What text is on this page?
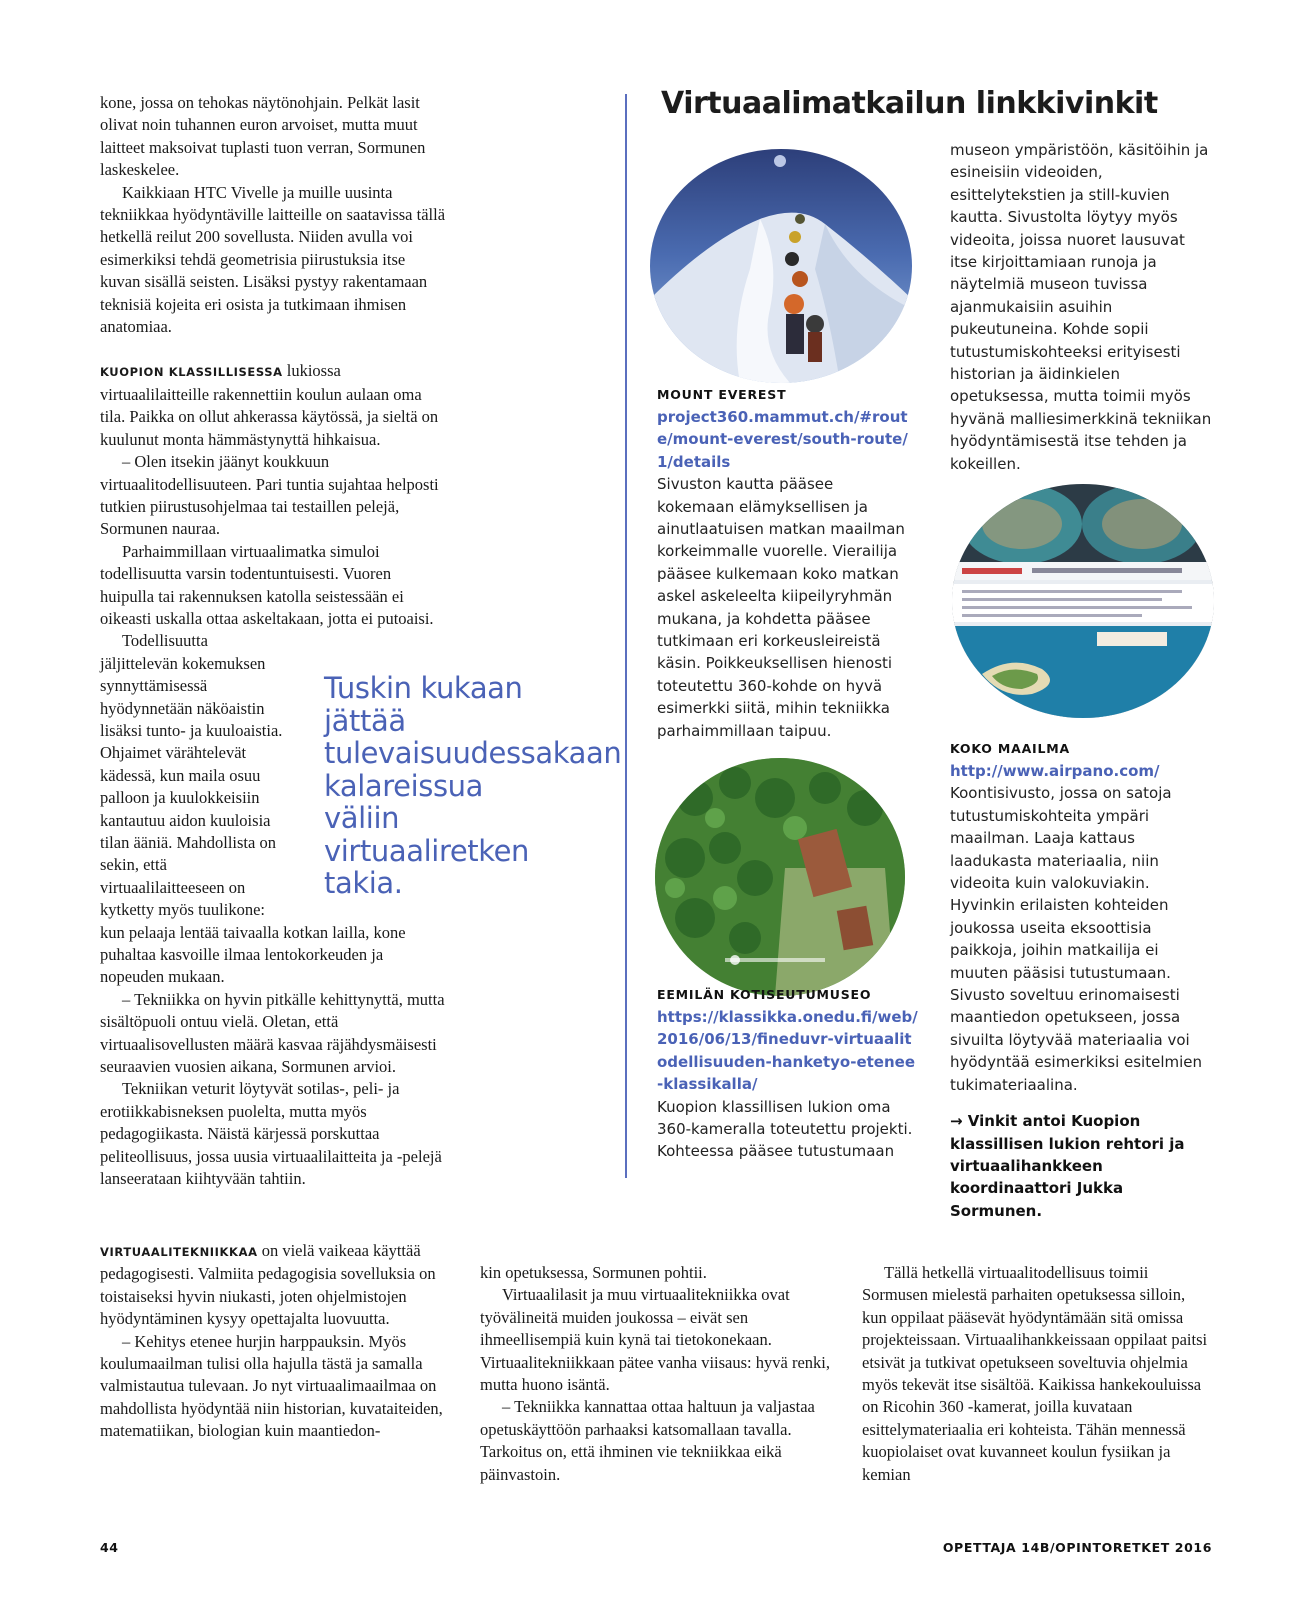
kone, jossa on tehokas näytönohjain. Pelkät lasit olivat noin tuhannen euron arvoiset, mutta muut laitteet maksoivat tuplasti tuon verran, Sormunen laskeskelee.

Kaikkiaan HTC Vivelle ja muille uusinta tekniikkaa hyödyntäville laitteille on saatavissa tällä hetkellä reilut 200 sovellusta. Niiden avulla voi esimerkiksi tehdä geometrisia piirustuksia itse kuvan sisällä seisten. Lisäksi pystyy rakentamaan teknisiä kojeita eri osista ja tutkimaan ihmisen anatomiaa.

KUOPION KLASSILLISESSA lukiossa virtuaalilaitteille rakennettiin koulun aulaan oma tila. Paikka on ollut ahkerassa käytössä, ja sieltä on kuulunut monta hämmästynyttä hihkaisua.

– Olen itsekin jäänyt koukkuun virtuaalitodellisuuteen. Pari tuntia sujahtaa helposti tutkien piirustusohjelmaa tai testaillen pelejä, Sormunen nauraa.

Parhaimmillaan virtuaalimatka simuloi todellisuutta varsin todentuntuisesti. Vuoren huipulla tai rakennuksen katolla seistessään ei oikeasti uskalla ottaa askeltakaan, jotta ei putoaisi.

Todellisuutta jäljittelevän kokemuksen synnyttämisessä hyödynnetään näköaistin lisäksi tunto- ja kuuloaistia. Ohjaimet värähtelevät kädessä, kun maila osuu palloon ja kuulokkeisiin kantautuu aidon kuuloisia tilan ääniä. Mahdollista on sekin, että virtuaalilaitteeseen on kytketty myös tuulikone:

kun pelaaja lentää taivaalla kotkan lailla, kone puhaltaa kasvoille ilmaa lentokorkeuden ja nopeuden mukaan.

– Tekniikka on hyvin pitkälle kehittynyttä, mutta sisältöpuoli ontuu vielä. Oletan, että virtuaalisovellusten määrä kasvaa räjähdysmäisesti seuraavien vuosien aikana, Sormunen arvioi.

Tekniikan veturit löytyvät sotilas-, peli- ja erotiikkabisneksen puolelta, mutta myös pedagogiikasta. Näistä kärjessä porskuttaa peliteollisuus, jossa uusia virtuaalilaitteita ja -pelejä lanseerataan kiihtyvään tahtiin.

Tuskin kukaan jättää tulevaisuudessakaan kalareissua väliin virtuaaliretken takia.
Virtuaalimatkailun linkkivinkit
MOUNT EVEREST
project360.mammut.ch/#route/mount-everest/south-route/1/details
Sivuston kautta pääsee kokemaan elämyksellisen ja ainutlaatuisen matkan maailman korkeimmalle vuorelle. Vierailija pääsee kulkemaan koko matkan askel askeleelta kiipeilyryhmän mukana, ja kohdetta pääsee tutkimaan eri korkeusleireistä käsin. Poikkeuksellisen hienosti toteutettu 360-kohde on hyvä esimerkki siitä, mihin tekniikka parhaimmillaan taipuu.
EEMILÄN KOTISEUTUMUSEO
https://klassikka.onedu.fi/web/2016/06/13/fineduvr-virtuaalitodellisuuden-hanketyo-etenee-klassikalla/
Kuopion klassillisen lukion oma 360-kameralla toteutettu projekti. Kohteessa pääsee tutustumaan
museon ympäristöön, käsitöihin ja esineisiin videoiden, esittelytekstien ja still-kuvien kautta. Sivustolta löytyy myös videoita, joissa nuoret lausuvat itse kirjoittamiaan runoja ja näytelmiä museon tuvissa ajanmukaisiin asuihin pukeutuneina. Kohde sopii tutustumiskohteeksi erityisesti historian ja äidinkielen opetuksessa, mutta toimii myös hyvänä malliesimerkkinä tekniikan hyödyntämisestä itse tehden ja kokeillen.
KOKO MAAILMA
http://www.airpano.com/
Koontisivusto, jossa on satoja tutustumiskohteita ympäri maailman. Laaja kattaus laadukasta materiaalia, niin videoita kuin valokuviakin. Hyvinkin erilaisten kohteiden joukossa useita eksoottisia paikkoja, joihin matkailija ei muuten pääsisi tutustumaan. Sivusto soveltuu erinomaisesti maantiedon opetukseen, jossa sivuilta löytyvää materiaalia voi hyödyntää esimerkiksi esitelmien tukimateriaalina.
→ Vinkit antoi Kuopion klassillisen lukion rehtori ja virtuaalihankkeen koordinaattori Jukka Sormunen.

VIRTUAALITEKNIIKKAA on vielä vaikeaa käyttää pedagogisesti. Valmiita pedagogisia sovelluksia on toistaiseksi hyvin niukasti, joten ohjelmistojen hyödyntäminen kysyy opettajalta luovuutta.

– Kehitys etenee hurjin harppauksin. Myös koulumaailman tulisi olla hajulla tästä ja samalla valmistautua tulevaan. Jo nyt virtuaalimaailmaa on mahdollista hyödyntää niin historian, kuvataiteiden, matematiikan, biologian kuin maantiedon-

kin opetuksessa, Sormunen pohtii.

Virtuaalilasit ja muu virtuaalitekniikka ovat työvälineitä muiden joukossa – eivät sen ihmeellisempiä kuin kynä tai tietokonekaan. Virtuaalitekniikkaan pätee vanha viisaus: hyvä renki, mutta huono isäntä.

– Tekniikka kannattaa ottaa haltuun ja valjastaa opetuskäyttöön parhaaksi katsomallaan tavalla. Tarkoitus on, että ihminen vie tekniikkaa eikä päinvastoin.

Tällä hetkellä virtuaalitodellisuus toimii Sormusen mielestä parhaiten opetuksessa silloin, kun oppilaat pääsevät hyödyntämään sitä omissa projekteissaan. Virtuaalihankkeissaan oppilaat paitsi etsivät ja tutkivat opetukseen soveltuvia ohjelmia myös tekevät itse sisältöä. Kaikissa hankekouluissa on Ricohin 360 -kamerat, joilla kuvataan esittelymateriaalia eri kohteista. Tähän mennessä kuopiolaiset ovat kuvanneet koulun fysiikan ja kemian

44	OPETTAJA 14B/OPINTORETKET 2016
